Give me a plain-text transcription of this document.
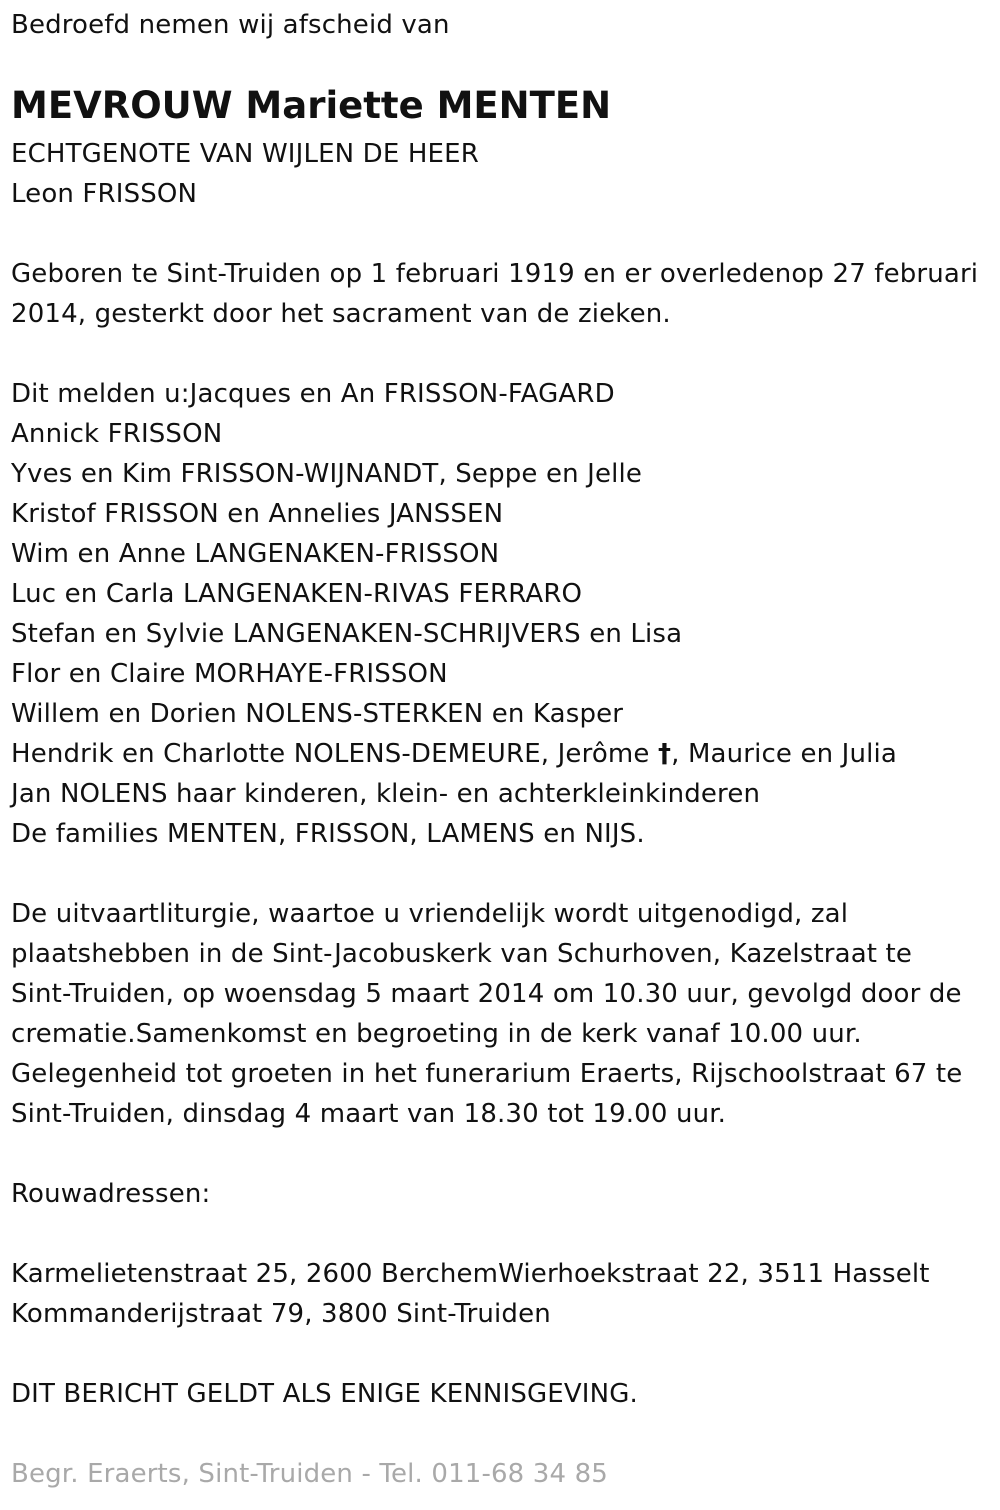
Bedroefd nemen wij afscheid van
MEVROUW Mariette MENTEN
ECHTGENOTE VAN WIJLEN DE HEER
Leon FRISSON
Geboren te Sint-Truiden op 1 februari 1919 en er overledenop 27 februari
2014, gesterkt door het sacrament van de zieken.
Dit melden u:Jacques en An FRISSON-FAGARD
Annick FRISSON
Yves en Kim FRISSON-WIJNANDT, Seppe en Jelle
Kristof FRISSON en Annelies JANSSEN
Wim en Anne LANGENAKEN-FRISSON
Luc en Carla LANGENAKEN-RIVAS FERRARO
Stefan en Sylvie LANGENAKEN-SCHRIJVERS en Lisa
Flor en Claire MORHAYE-FRISSON
Willem en Dorien NOLENS-STERKEN en Kasper
Hendrik en Charlotte NOLENS-DEMEURE, Jerôme †, Maurice en Julia
Jan NOLENS haar kinderen, klein- en achterkleinkinderen
De families MENTEN, FRISSON, LAMENS en NIJS.
De uitvaartliturgie, waartoe u vriendelijk wordt uitgenodigd, zal
plaatshebben in de Sint-Jacobuskerk van Schurhoven, Kazelstraat te
Sint-Truiden, op woensdag 5 maart 2014 om 10.30 uur, gevolgd door de
crematie.Samenkomst en begroeting in de kerk vanaf 10.00 uur.
Gelegenheid tot groeten in het funerarium Eraerts, Rijschoolstraat 67 te
Sint-Truiden, dinsdag 4 maart van 18.30 tot 19.00 uur.
Rouwadressen:
Karmelietenstraat 25, 2600 BerchemWierhoekstraat 22, 3511 Hasselt
Kommanderijstraat 79, 3800 Sint-Truiden
DIT BERICHT GELDT ALS ENIGE KENNISGEVING.
Begr. Eraerts, Sint-Truiden - Tel. 011-68 34 85
